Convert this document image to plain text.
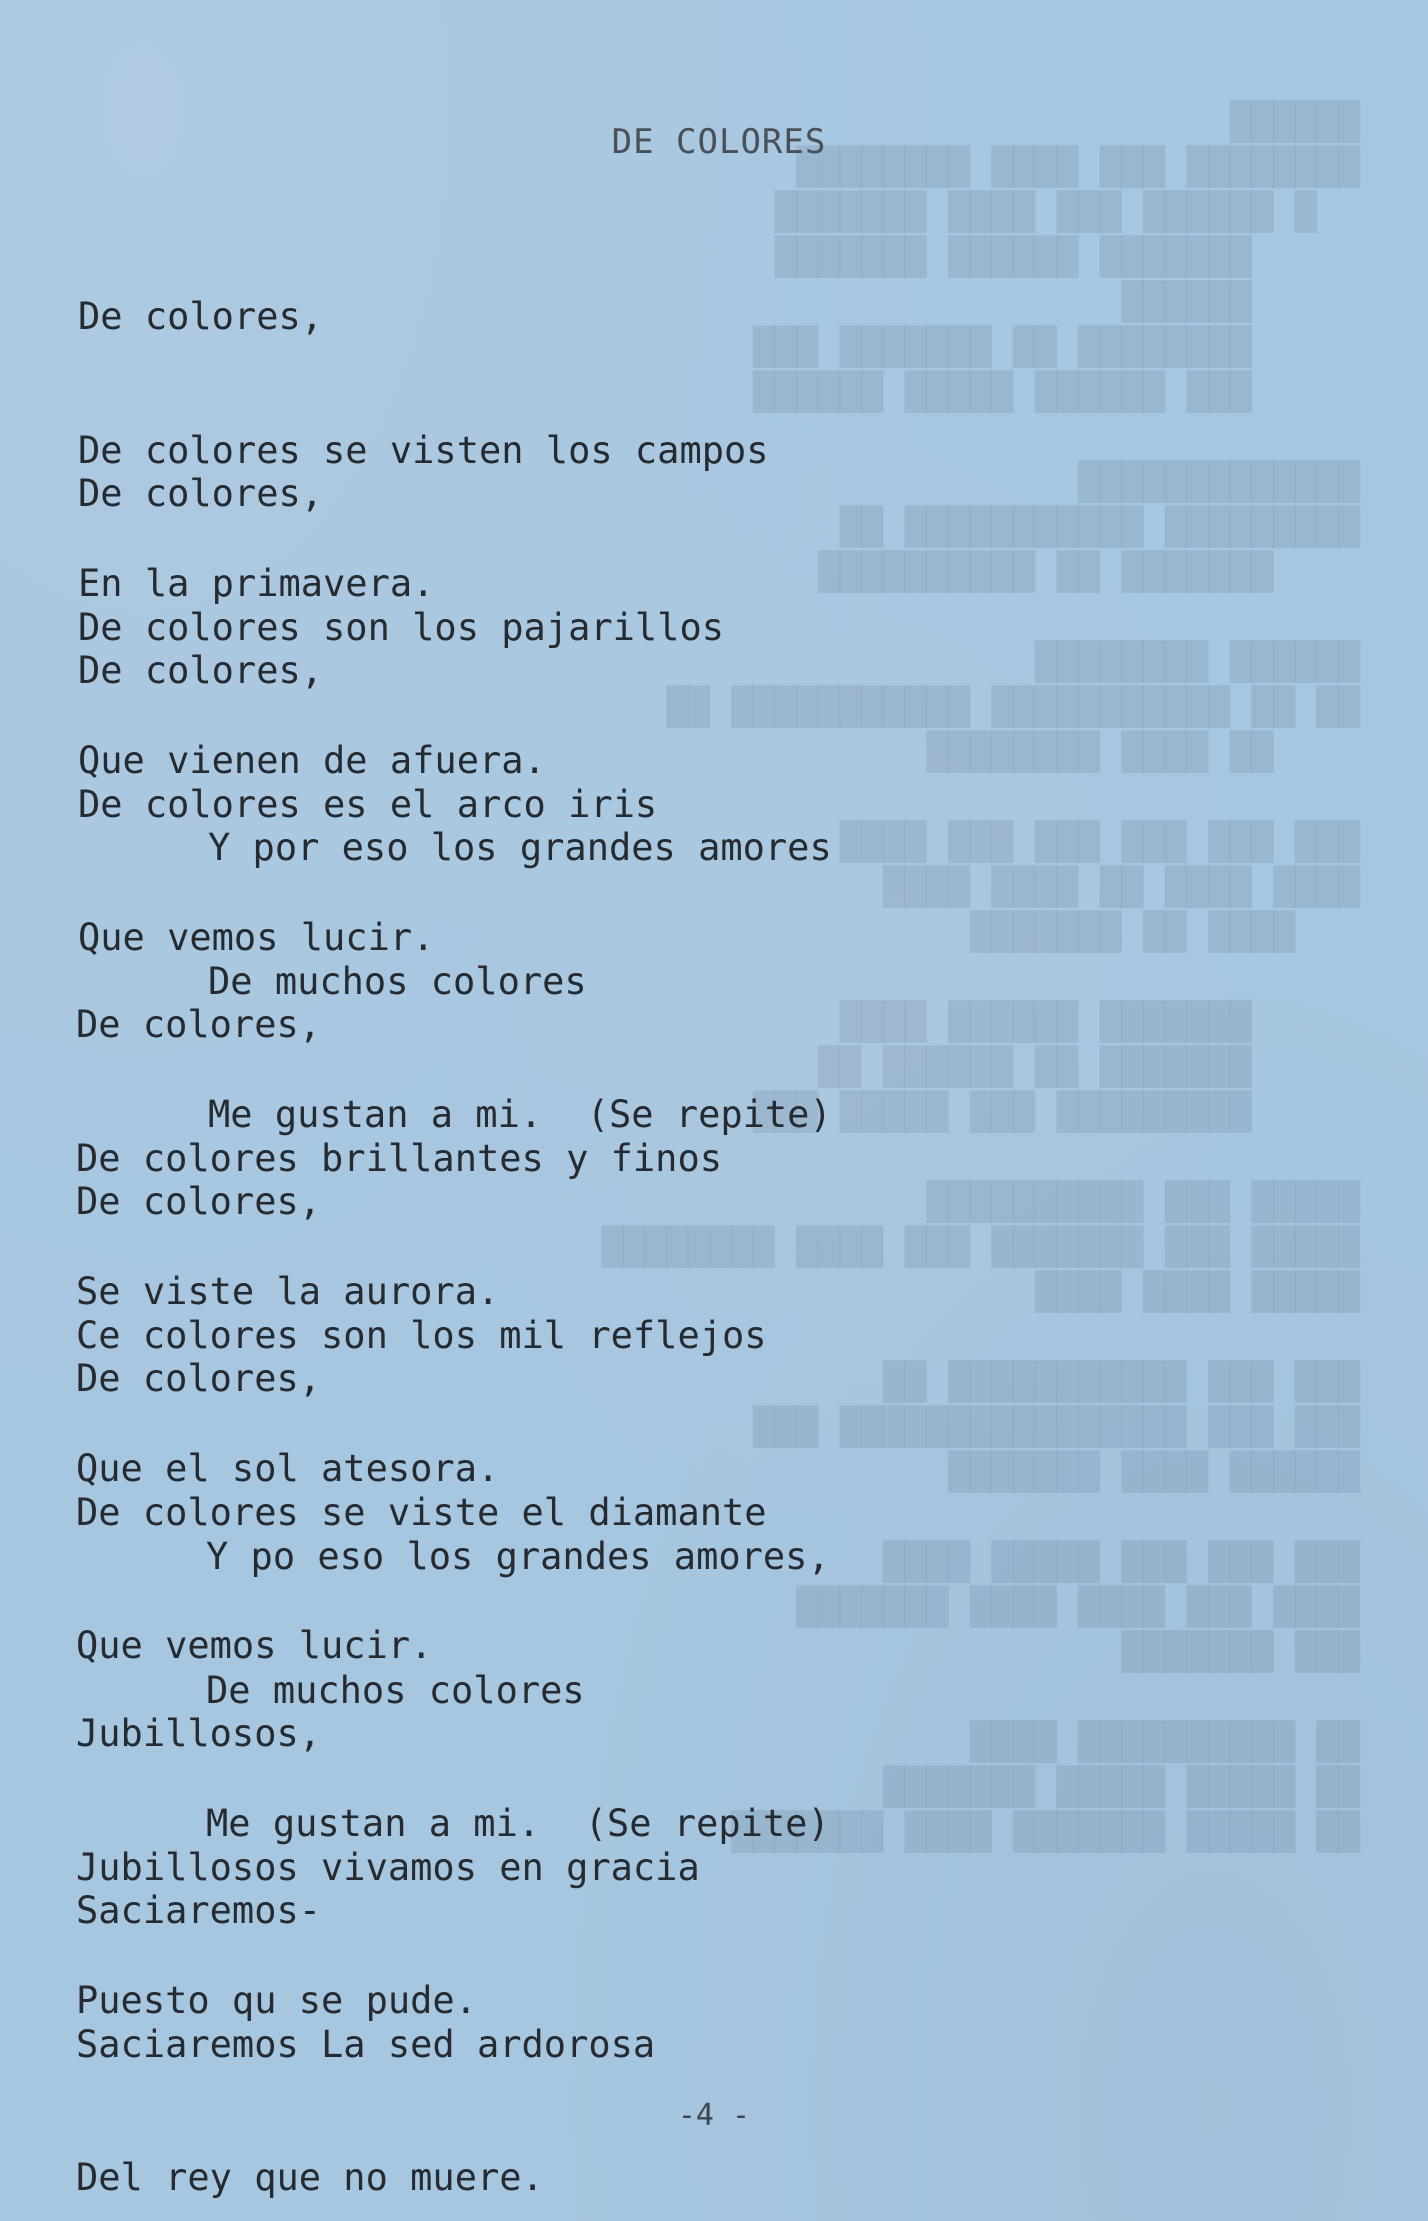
██████
████████ ███ ████ ████████
█ ██████ ███ ████ ███████
███████ ██████ ███████
██████
████████ ██ ███████ ███
███ ██████ █████ ██████

█████████████
█████████ ███████████ ██
███████ ██ ██████████

██████ ████████
██ ██ ███████████ ███████████ ██
██ ████ ████████

███ ███ ███ ███ ███ ████
████ ████ ██ ████ ████
████ ██ ███████

███████ ██████ ████
███████ ██ ██████ ██
█████████ ███ █████ ███

█████ ███ ██████████
█████ ███ ███████ ███ ████ ████████
█████ ████ ████

███ ███ ███████████ ██
███ ███ ████████████████ ███
██████ ████ ███████

███ ███ ███ █████ ████
████ ███ ████ ████ ███████
███ ███████

██ ██████████ ████
██ █████ █████ ███████
██ █████ ███████ ████ ███████
DE COLORES

De colores,

De colores se visten los campos

En la primavera.

De colores,

De colores son los pajarillos

Que vienen de afuera.

De colores,

De colores es el arco iris

Que vemos lucir.

Y por eso los grandes amores

De muchos colores

Me gustan a mi.  (Se repite)

De colores,

De colores brillantes y finos

Se viste la aurora.

De colores,

Ce colores son los mil reflejos

Que el sol atesora.

De colores,

De colores se viste el diamante

Que vemos lucir.

Y po eso los grandes amores,

De muchos colores

Me gustan a mi.  (Se repite)

Jubillosos,

Jubillosos vivamos en gracia

Puesto qu se pude.

Saciaremos-

Saciaremos La sed ardorosa

Del rey que no muere.

-4 -
